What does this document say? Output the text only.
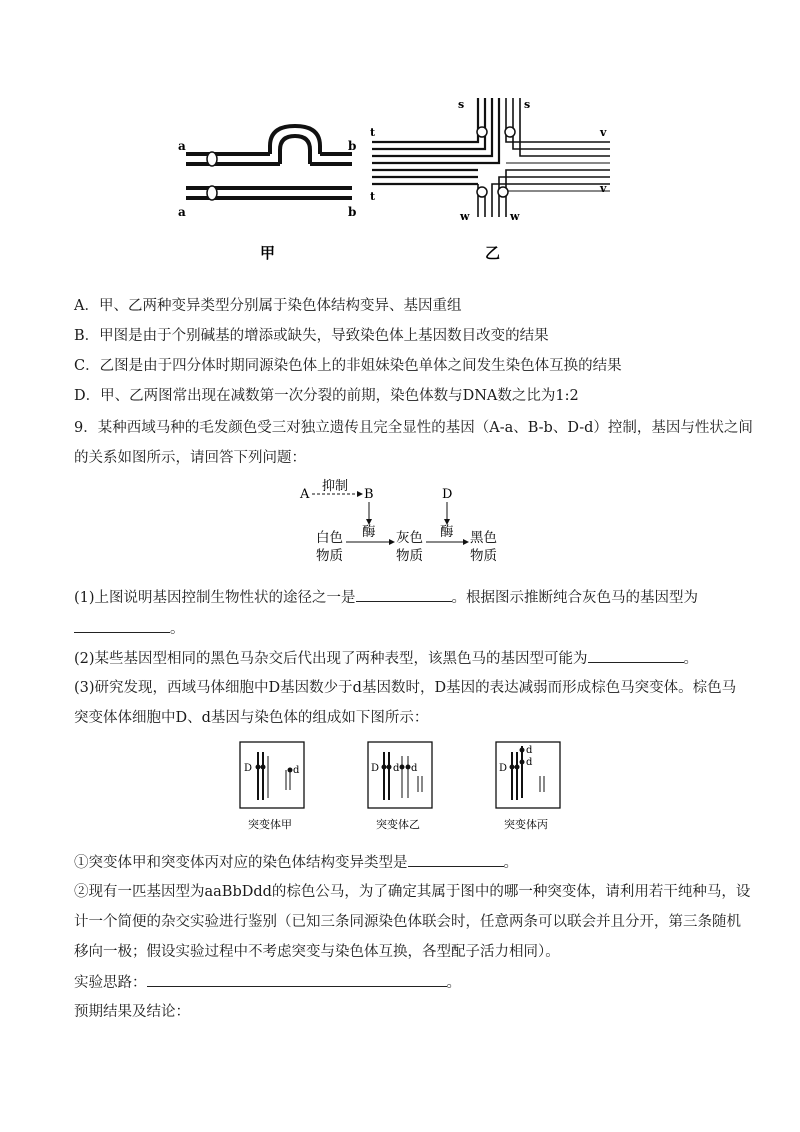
a
a
b
b
甲
s	s
t
t
v
v
w	w
乙
A．甲、乙两种变异类型分别属于染色体结构变异、基因重组
B．甲图是由于个别碱基的增添或缺失，导致染色体上基因数目改变的结果
C．乙图是由于四分体时期同源染色体上的非姐妹染色单体之间发生染色体互换的结果
D．甲、乙两图常出现在减数第一次分裂的前期，染色体数与DNA数之比为1:2
9．某种西域马种的毛发颜色受三对独立遗传且完全显性的基因（A-a、B-b、D-d）控制，基因与性状之间
的关系如图所示，请回答下列问题：
A
抑制
B	D
白色
物质
酶 灰色
物质
酶 黑色
物质
(1)上图说明基因控制生物性状的途径之一是	。根据图示推断纯合灰色马的基因型为
。
(2)某些基因型相同的黑色马杂交后代出现了两种表型，该黑色马的基因型可能为	。
(3)研究发现，西域马体细胞中D基因数少于d基因数时，D基因的表达减弱而形成棕色马突变体。棕色马
突变体体细胞中D、d基因与染色体的组成如下图所示：
D	d
突变体甲
D d d
突变体乙
D
d
d
突变体丙
①突变体甲和突变体丙对应的染色体结构变异类型是	。
②现有一匹基因型为aaBbDdd的棕色公马，为了确定其属于图中的哪一种突变体，请利用若干纯种马，设
计一个简便的杂交实验进行鉴别（已知三条同源染色体联会时，任意两条可以联会并且分开，第三条随机
移向一极；假设实验过程中不考虑突变与染色体互换，各型配子活力相同）。
实验思路：	。
预期结果及结论：
